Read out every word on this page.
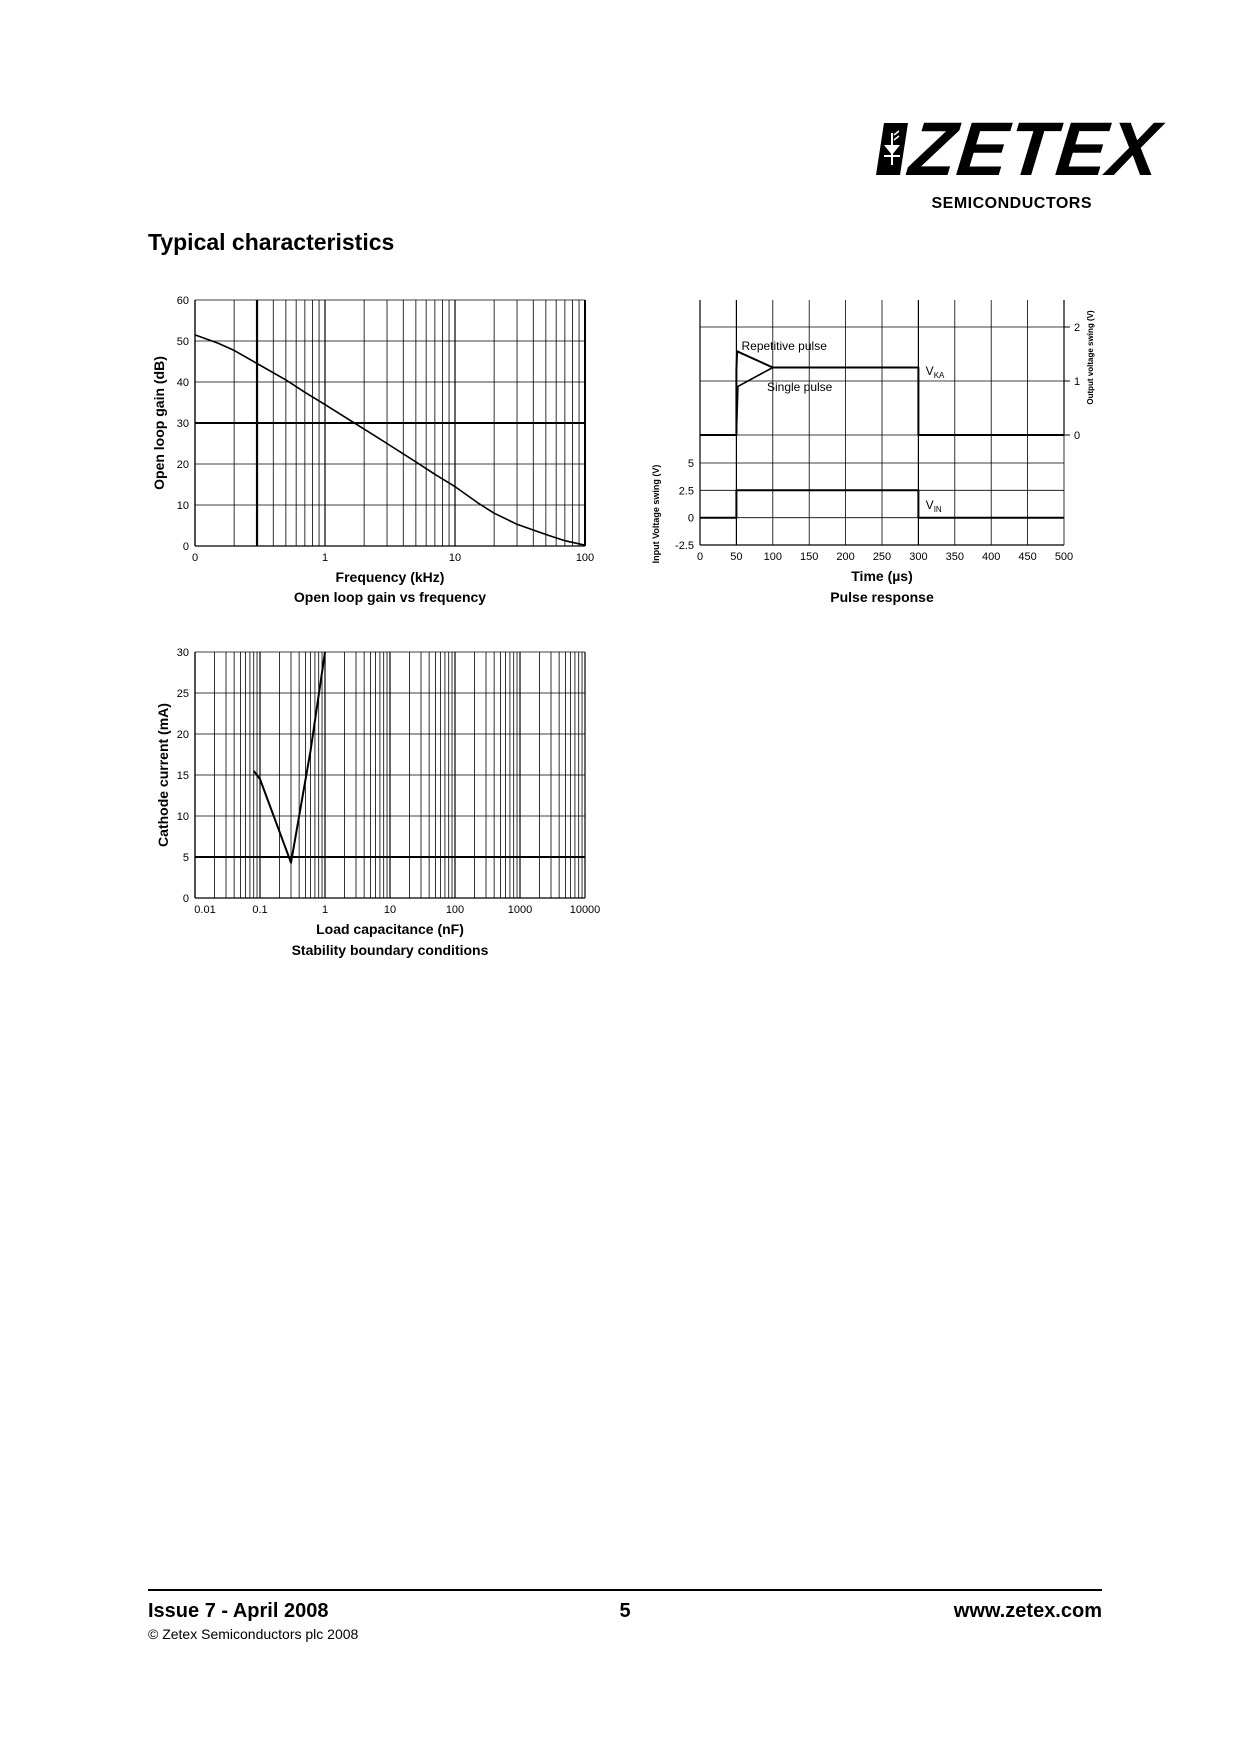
ZETEX
SEMICONDUCTORS
Typical characteristics
0
10
20
30
40
50
60
0	1	10	100
Frequency (kHz)
Open loop gain vs frequency
Open loop gain (dB)
2
1
0
5
2.5
0
-2.5
0 50 100 150 200 250 300 350 400 450 500
Time (µs)
Pulse response
Input Voltage swing (V)
Output voltage swing (V)
Repetitive pulse
Single pulse
$V_{KA}$
$V_{IN}$
0
5
10
15
20
25
30
0.01	0.1	1	10	100	1000	10000
Load capacitance (nF)
Stability boundary conditions
Cathode current (mA)
Issue 7 - April 2008
© Zetex Semiconductors plc 2008
5	www.zetex.com
